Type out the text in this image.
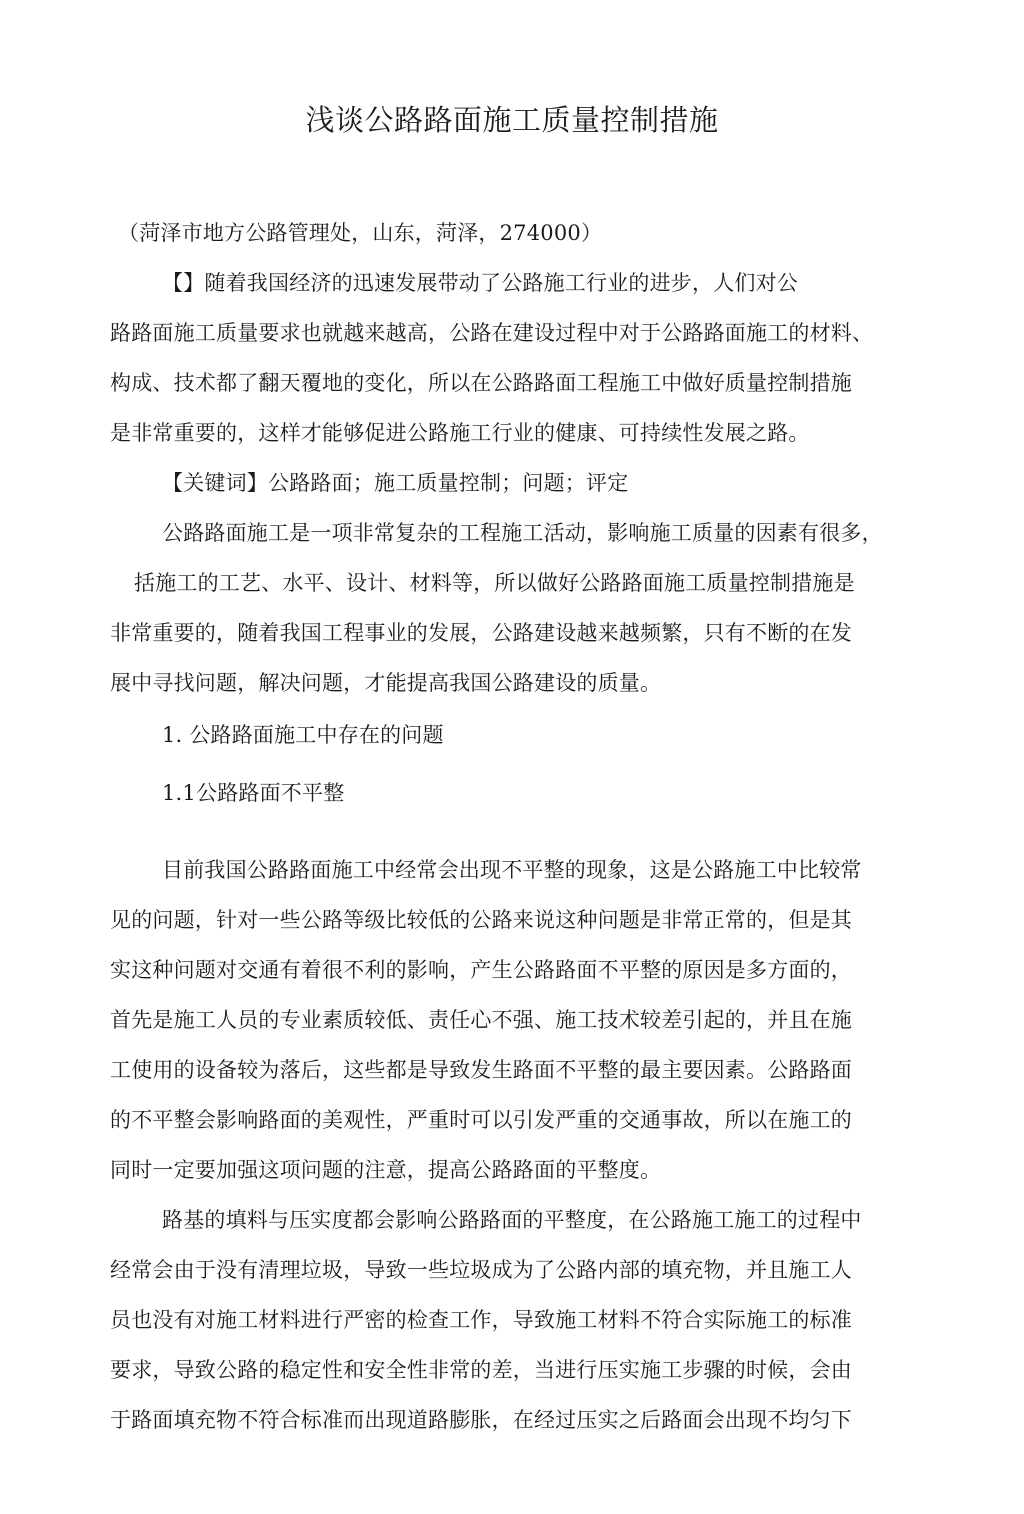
浅谈公路路面施工质量控制措施
（菏泽市地方公路管理处，山东，菏泽，274000）
【】随着我国经济的迅速发展带动了公路施工行业的进步，人们对公
路路面施工质量要求也就越来越高，公路在建设过程中对于公路路面施工的材料、
构成、技术都了翻天覆地的变化，所以在公路路面工程施工中做好质量控制措施
是非常重要的，这样才能够促进公路施工行业的健康、可持续性发展之路。
【关键词】公路路面；施工质量控制；问题；评定
公路路面施工是一项非常复杂的工程施工活动，影响施工质量的因素有很多，
括施工的工艺、水平、设计、材料等，所以做好公路路面施工质量控制措施是
非常重要的，随着我国工程事业的发展，公路建设越来越频繁，只有不断的在发
展中寻找问题，解决问题，才能提高我国公路建设的质量。
1. 公路路面施工中存在的问题
1.1公路路面不平整
目前我国公路路面施工中经常会出现不平整的现象，这是公路施工中比较常
见的问题，针对一些公路等级比较低的公路来说这种问题是非常正常的，但是其
实这种问题对交通有着很不利的影响，产生公路路面不平整的原因是多方面的，
首先是施工人员的专业素质较低、责任心不强、施工技术较差引起的，并且在施
工使用的设备较为落后，这些都是导致发生路面不平整的最主要因素。公路路面
的不平整会影响路面的美观性，严重时可以引发严重的交通事故，所以在施工的
同时一定要加强这项问题的注意，提高公路路面的平整度。
路基的填料与压实度都会影响公路路面的平整度，在公路施工施工的过程中
经常会由于没有清理垃圾，导致一些垃圾成为了公路内部的填充物，并且施工人
员也没有对施工材料进行严密的检查工作，导致施工材料不符合实际施工的标准
要求，导致公路的稳定性和安全性非常的差，当进行压实施工步骤的时候，会由
于路面填充物不符合标准而出现道路膨胀，在经过压实之后路面会出现不均匀下
